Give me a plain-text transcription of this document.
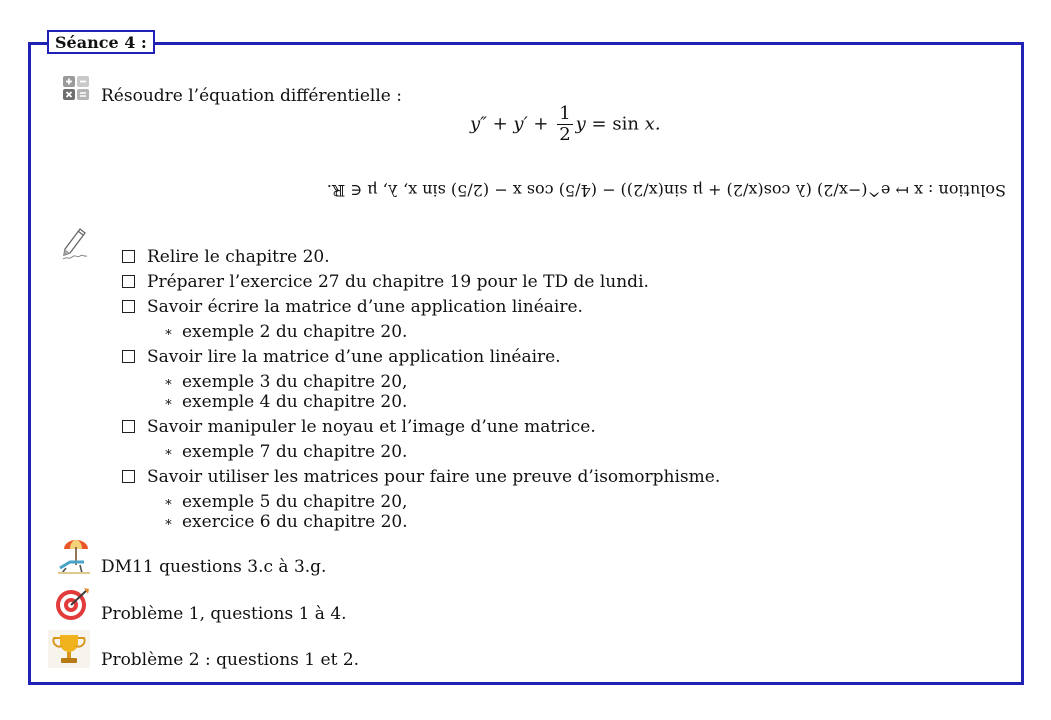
Séance 4 :
Résoudre l’équation différentielle :
$y'' + y' + \frac{1}{2}$ y = sin x.
Solution : x ↦ e^(−x/2) (λ cos(x/2) + μ sin(x/2)) − (4/5) cos x − (2/5) sin x, λ, μ ∈ ℝ.
Relire le chapitre 20.
Préparer l’exercice 27 du chapitre 19 pour le TD de lundi.
Savoir écrire la matrice d’une application linéaire.
∗ exemple 2 du chapitre 20.
Savoir lire la matrice d’une application linéaire.
∗ exemple 3 du chapitre 20,
∗ exemple 4 du chapitre 20.
Savoir manipuler le noyau et l’image d’une matrice.
∗ exemple 7 du chapitre 20.
Savoir utiliser les matrices pour faire une preuve d’isomorphisme.
∗ exemple 5 du chapitre 20,
∗ exercice 6 du chapitre 20.
DM11 questions 3.c à 3.g.
Problème 1, questions 1 à 4.
Problème 2 : questions 1 et 2.
